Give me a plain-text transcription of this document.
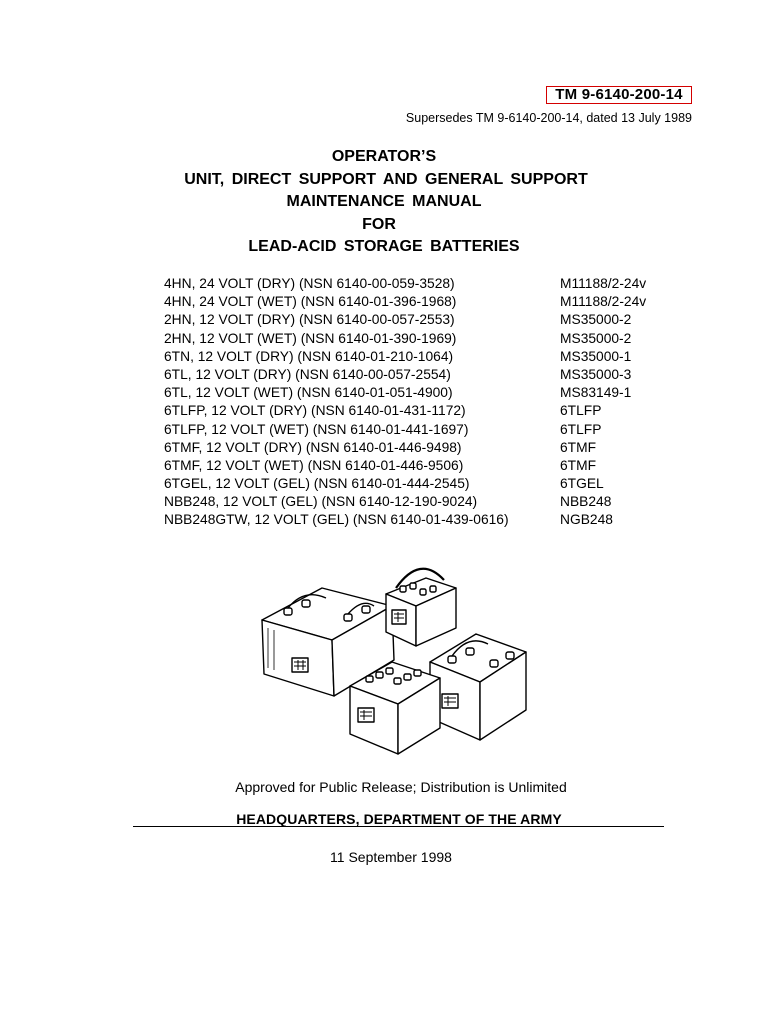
TM 9-6140-200-14
Supersedes TM 9-6140-200-14, dated 13 July 1989
OPERATOR’S
UNIT, DIRECT SUPPORT AND GENERAL SUPPORT
MAINTENANCE MANUAL
FOR
LEAD-ACID STORAGE BATTERIES
4HN, 24 VOLT (DRY) (NSN 6140-00-059-3528)	M11188/2-24v
4HN, 24 VOLT (WET) (NSN 6140-01-396-1968)	M11188/2-24v
2HN, 12 VOLT (DRY) (NSN 6140-00-057-2553)	MS35000-2
2HN, 12 VOLT (WET) (NSN 6140-01-390-1969)	MS35000-2
6TN, 12 VOLT (DRY) (NSN 6140-01-210-1064)	MS35000-1
6TL, 12 VOLT (DRY) (NSN 6140-00-057-2554)	MS35000-3
6TL, 12 VOLT (WET) (NSN 6140-01-051-4900)	MS83149-1
6TLFP, 12 VOLT (DRY) (NSN 6140-01-431-1172)	6TLFP
6TLFP, 12 VOLT (WET) (NSN 6140-01-441-1697)	6TLFP
6TMF, 12 VOLT (DRY) (NSN 6140-01-446-9498)	6TMF
6TMF, 12 VOLT (WET) (NSN 6140-01-446-9506)	6TMF
6TGEL, 12 VOLT (GEL) (NSN 6140-01-444-2545)	6TGEL
NBB248, 12 VOLT (GEL) (NSN 6140-12-190-9024)	NBB248
NBB248GTW, 12 VOLT (GEL) (NSN 6140-01-439-0616)	NGB248
Approved for Public Release; Distribution is Unlimited
HEADQUARTERS, DEPARTMENT OF THE ARMY
11 September 1998
